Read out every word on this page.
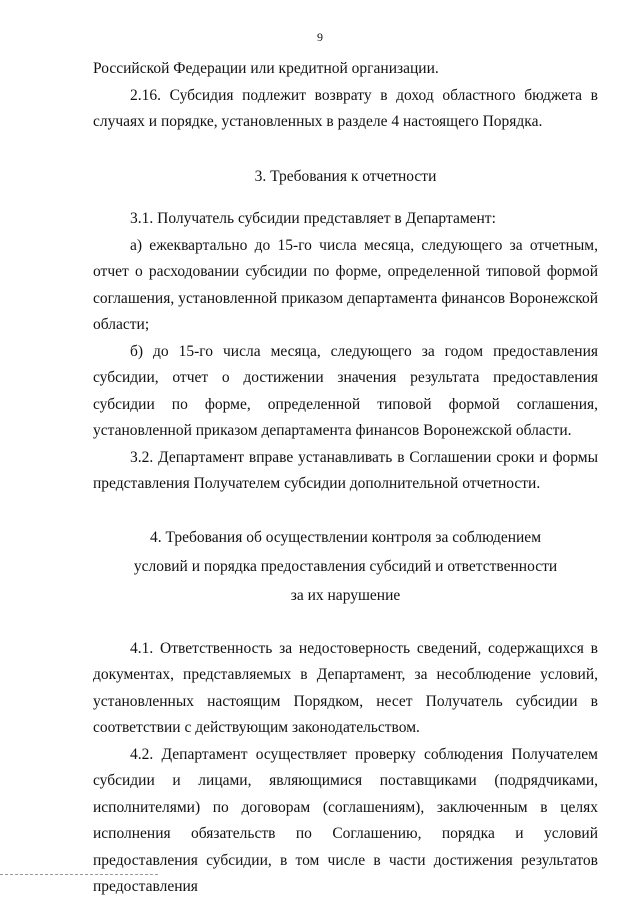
9

Российской Федерации или кредитной организации.

2.16. Субсидия подлежит возврату в доход областного бюджета в случаях и порядке, установленных в разделе 4 настоящего Порядка.

3. Требования к отчетности

3.1. Получатель субсидии представляет в Департамент:

а) ежеквартально до 15-го числа месяца, следующего за отчетным, отчет о расходовании субсидии по форме, определенной типовой формой соглашения, установленной приказом департамента финансов Воронежской области;

б) до 15-го числа месяца, следующего за годом предоставления субсидии, отчет о достижении значения результата предоставления субсидии по форме, определенной типовой формой соглашения, установленной приказом департамента финансов Воронежской области.

3.2. Департамент вправе устанавливать в Соглашении сроки и формы представления Получателем субсидии дополнительной отчетности.

4. Требования об осуществлении контроля за соблюдением
условий и порядка предоставления субсидий и ответственности
за их нарушение

4.1. Ответственность за недостоверность сведений, содержащихся в документах, представляемых в Департамент, за несоблюдение условий, установленных настоящим Порядком, несет Получатель субсидии в соответствии с действующим законодательством.

4.2. Департамент осуществляет проверку соблюдения Получателем субсидии и лицами, являющимися поставщиками (подрядчиками, исполнителями) по договорам (соглашениям), заключенным в целях исполнения обязательств по Соглашению, порядка и условий предоставления субсидии, в том числе в части достижения результатов предоставления
